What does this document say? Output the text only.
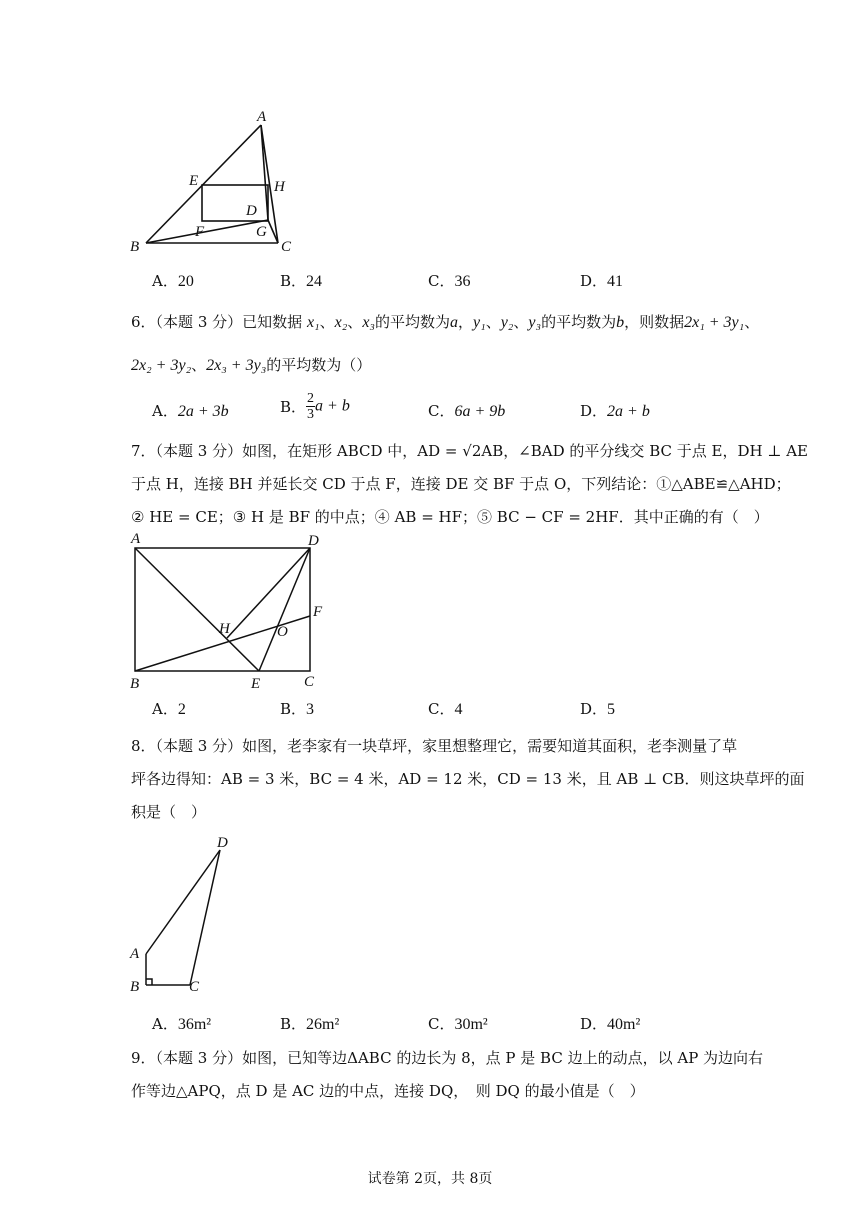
A
E	H
D
F	G
B	C
A．20	B．24	C．36	D．41
6．（本题 3 分）已知数据 x₁、x₂、x₃的平均数为a，y₁、y₂、y₃的平均数为b，则数据2x₁ + 3y₁、
2x₂ + 3y₂、2x₃ + 3y₃的平均数为（）
A．2a + 3b	B． $\frac{2}{3}$ a + b	C．6a + 9b	D．2a + b
7．（本题 3 分）如图，在矩形 ABCD 中，AD = √2AB，∠BAD 的平分线交 BC 于点 E，DH ⊥ AE
于点 H，连接 BH 并延长交 CD 于点 F，连接 DE 交 BF 于点 O，下列结论：①△ABE≌△AHD；
② HE = CE；③ H 是 BF 的中点；④ AB = HF；⑤ BC − CF = 2HF．其中正确的有（　）
A	D
F
H	O
B	E	C
A．2	B．3	C．4	D．5
8．（本题 3 分）如图，老李家有一块草坪，家里想整理它，需要知道其面积，老李测量了草
坪各边得知：AB = 3 米，BC = 4 米，AD = 12 米，CD = 13 米，且 AB ⊥ CB．则这块草坪的面
积是（　）
D
A
B	C
A．36m²	B．26m²	C．30m²	D．40m²
9．（本题 3 分）如图，已知等边ΔABC 的边长为 8，点 P 是 BC 边上的动点，以 AP 为边向右
作等边△APQ，点 D 是 AC 边的中点，连接 DQ，　则 DQ 的最小值是（　）
试卷第 2页，共 8页
